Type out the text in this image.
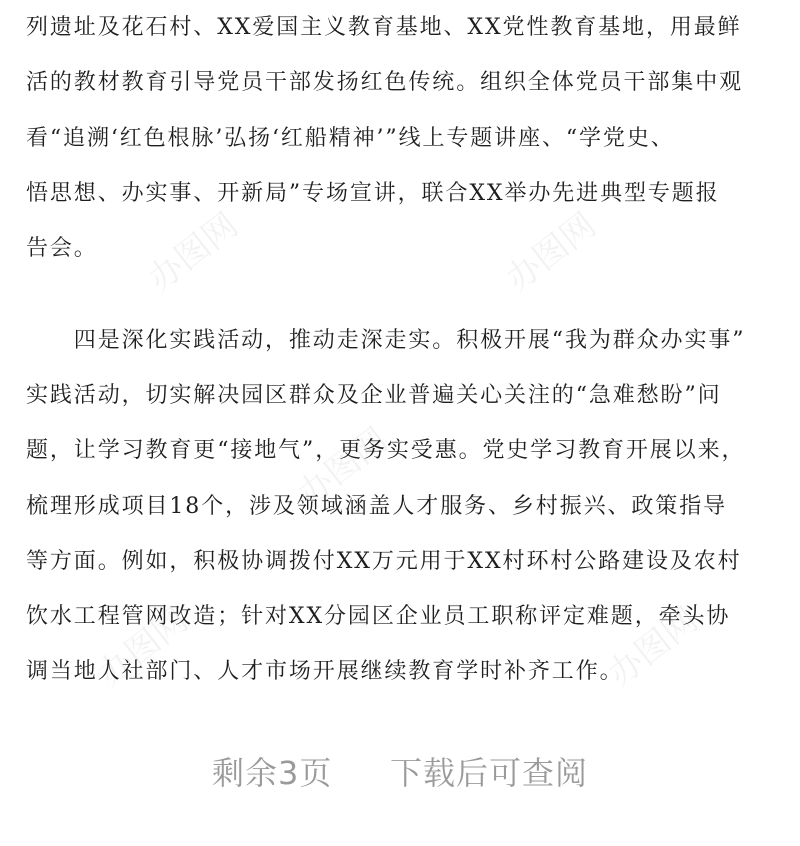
办图网	办图网
办图网
办图网	办图网
列遗址及花石村、XX爱国主义教育基地、XX党性教育基地，用最鲜
活的教材教育引导党员干部发扬红色传统。组织全体党员干部集中观
看“追溯‘红色根脉’弘扬‘红船精神’”线上专题讲座、“学党史、
悟思想、办实事、开新局”专场宣讲，联合XX举办先进典型专题报
告会。
　　四是深化实践活动，推动走深走实。积极开展“我为群众办实事”
实践活动，切实解决园区群众及企业普遍关心关注的“急难愁盼”问
题，让学习教育更“接地气”，更务实受惠。党史学习教育开展以来，
梳理形成项目18个，涉及领域涵盖人才服务、乡村振兴、政策指导
等方面。例如，积极协调拨付XX万元用于XX村环村公路建设及农村
饮水工程管网改造；针对XX分园区企业员工职称评定难题，牵头协
调当地人社部门、人才市场开展继续教育学时补齐工作。
剩余3页 下载后可查阅
